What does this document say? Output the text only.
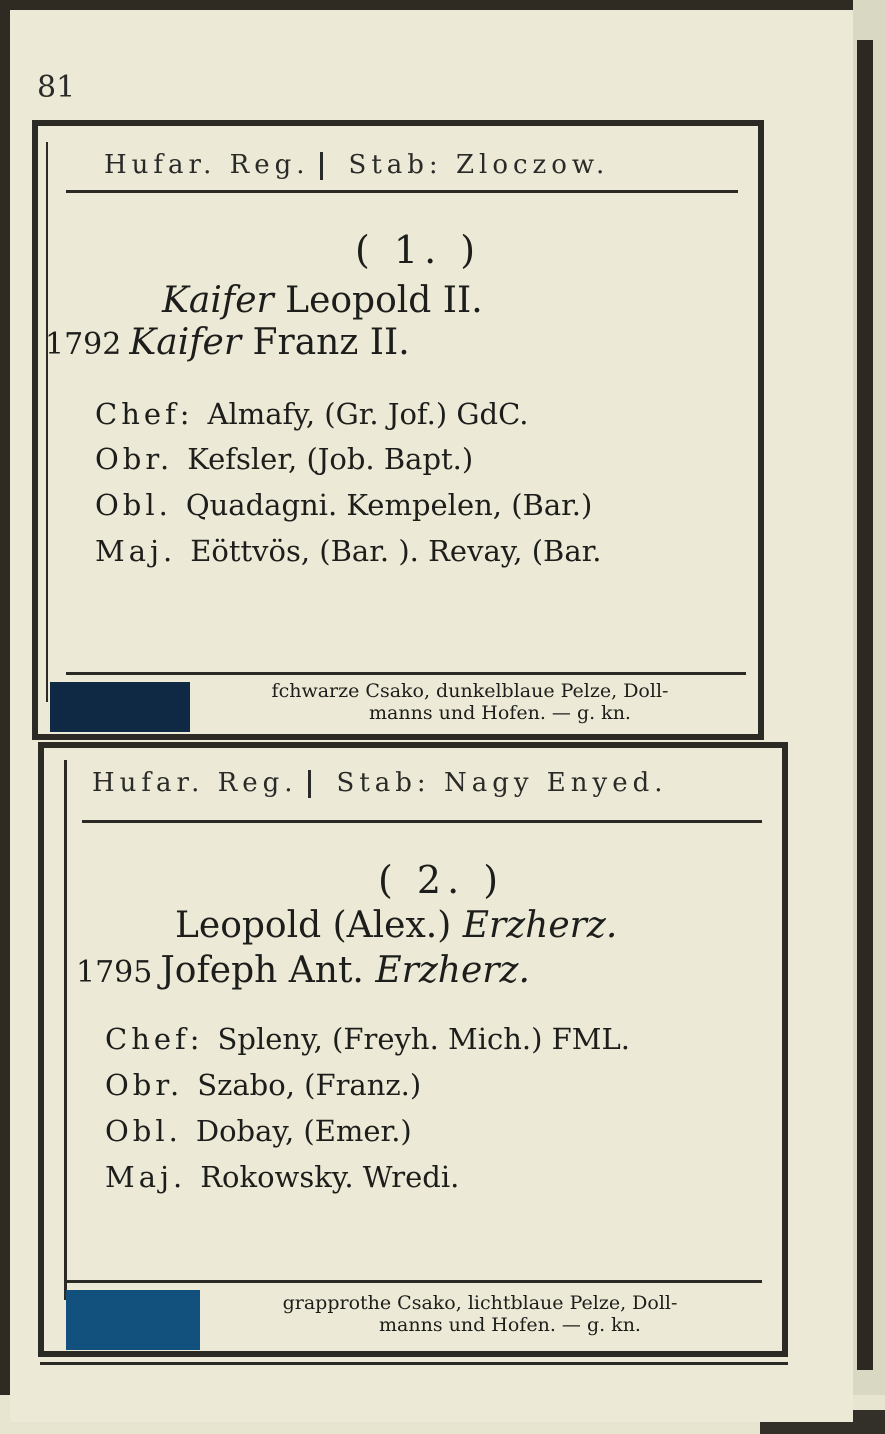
81
Hufar. Reg. Stab: Zloczow.
( 1. )
Kaifer Leopold II.
1792 Kaifer Franz II.
Chef: Almafy, (Gr. Jof.) GdC.
Obr. Kefsler, (Job. Bapt.)
Obl. Quadagni. Kempelen, (Bar.)
Maj. Eöttvös, (Bar. ). Revay, (Bar.
fchwarze Csako, dunkelblaue Pelze, Doll-
manns und Hofen. — g. kn.
Hufar. Reg. Stab: Nagy Enyed.
( 2. )
Leopold (Alex.) Erzherz.
1795 Jofeph Ant. Erzherz.
Chef: Spleny, (Freyh. Mich.) FML.
Obr. Szabo, (Franz.)
Obl. Dobay, (Emer.)
Maj. Rokowsky. Wredi.
grapprothe Csako, lichtblaue Pelze, Doll-
manns und Hofen. — g. kn.
